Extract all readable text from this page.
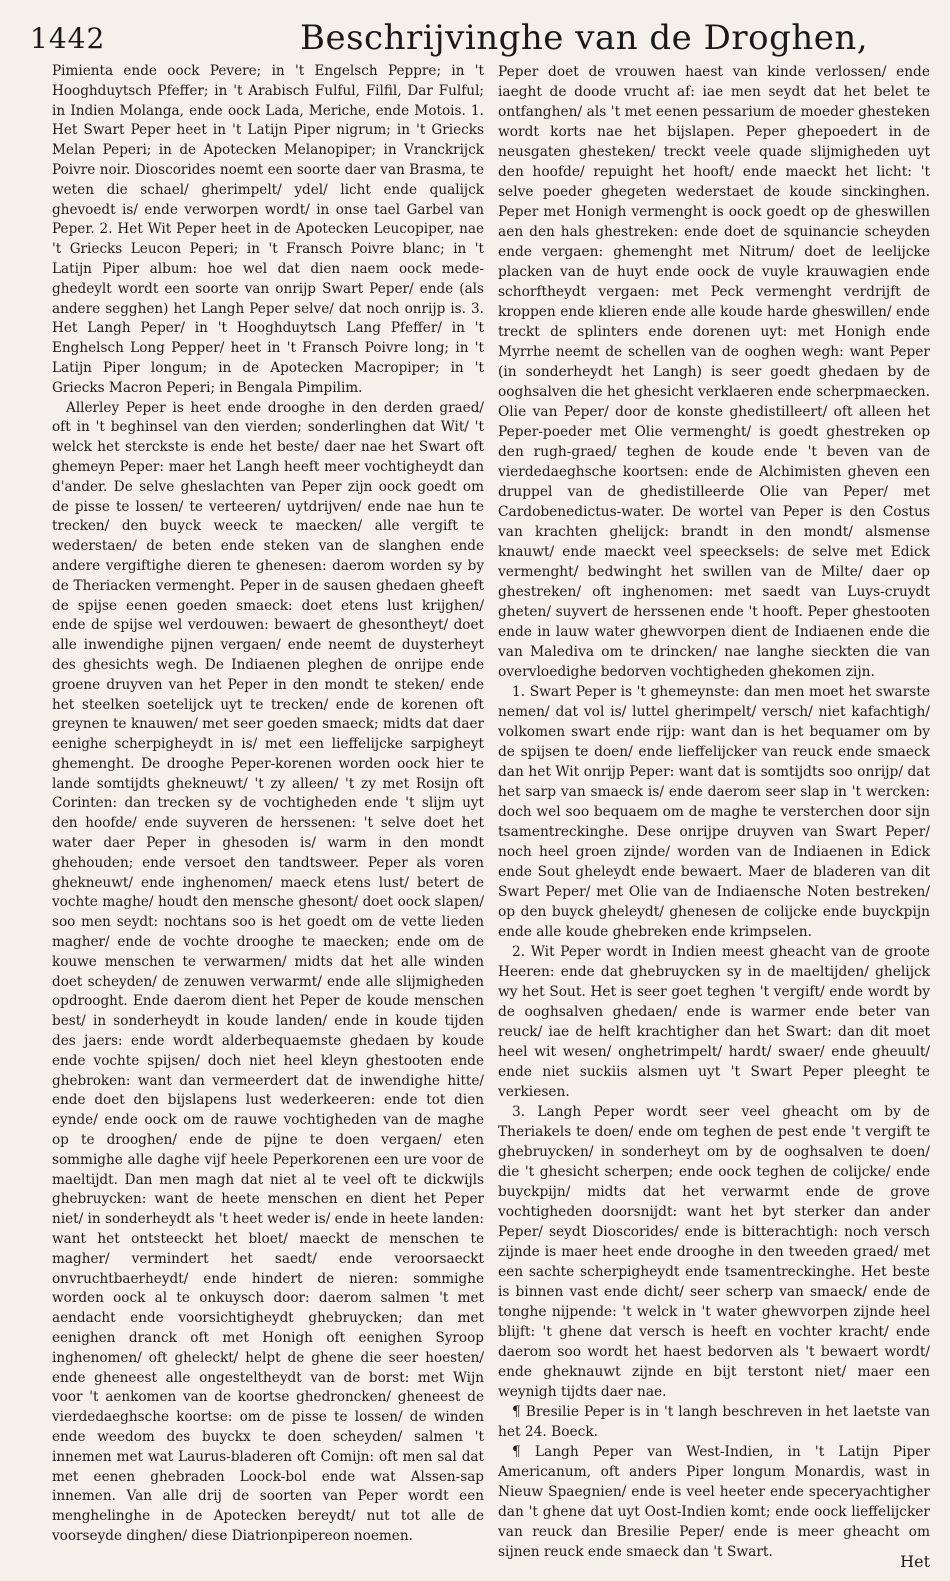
1442	Beschrijvinghe van de Droghen,

Pimienta ende oock Pevere; in 't Engelsch Peppre; in 't Hooghduytsch Pfeffer; in 't Arabisch Fulful, Filfil, Dar Fulful; in Indien Molanga, ende oock Lada, Meriche, ende Motois. 1. Het Swart Peper heet in 't Latijn Piper nigrum; in 't Griecks Melan Peperi; in de Apotecken Melanopiper; in Vranckrijck Poivre noir. Dioscorides noemt een soorte daer van Brasma, te weten die schael/ gherimpelt/ ydel/ licht ende qualijck ghevoedt is/ ende verworpen wordt/ in onse tael Garbel van Peper. 2. Het Wit Peper heet in de Apotecken Leucopiper, nae 't Griecks Leucon Peperi; in 't Fransch Poivre blanc; in 't Latijn Piper album: hoe wel dat dien naem oock mede-ghedeylt wordt een soorte van onrijp Swart Peper/ ende (als andere segghen) het Langh Peper selve/ dat noch onrijp is. 3. Het Langh Peper/ in 't Hooghduytsch Lang Pfeffer/ in 't Enghelsch Long Pepper/ heet in 't Fransch Poivre long; in 't Latijn Piper longum; in de Apotecken Macropiper; in 't Griecks Macron Peperi; in Bengala Pimpilim.

Allerley Peper is heet ende drooghe in den derden graed/ oft in 't beghinsel van den vierden; sonderlinghen dat Wit/ 't welck het sterckste is ende het beste/ daer nae het Swart oft ghemeyn Peper: maer het Langh heeft meer vochtigheydt dan d'ander. De selve gheslachten van Peper zijn oock goedt om de pisse te lossen/ te verteeren/ uytdrijven/ ende nae hun te trecken/ den buyck weeck te maecken/ alle vergift te wederstaen/ de beten ende steken van de slanghen ende andere vergiftighe dieren te ghenesen: daerom worden sy by de Theriacken vermenght. Peper in de sausen ghedaen gheeft de spijse eenen goeden smaeck: doet etens lust krijghen/ ende de spijse wel verdouwen: bewaert de ghesontheyt/ doet alle inwendighe pijnen vergaen/ ende neemt de duysterheyt des ghesichts wegh. De Indiaenen pleghen de onrijpe ende groene druyven van het Peper in den mondt te steken/ ende het steelken soetelijck uyt te trecken/ ende de korenen oft greynen te knauwen/ met seer goeden smaeck; midts dat daer eenighe scherpigheydt in is/ met een lieffelijcke sarpigheyt ghemenght. De drooghe Peper-korenen worden oock hier te lande somtijdts ghekneuwt/ 't zy alleen/ 't zy met Rosijn oft Corinten: dan trecken sy de vochtigheden ende 't slijm uyt den hoofde/ ende suyveren de herssenen: 't selve doet het water daer Peper in ghesoden is/ warm in den mondt ghehouden; ende versoet den tandtsweer. Peper als voren ghekneuwt/ ende inghenomen/ maeck etens lust/ betert de vochte maghe/ houdt den mensche ghesont/ doet oock slapen/ soo men seydt: nochtans soo is het goedt om de vette lieden magher/ ende de vochte drooghe te maecken; ende om de kouwe menschen te verwarmen/ midts dat het alle winden doet scheyden/ de zenuwen verwarmt/ ende alle slijmigheden opdrooght. Ende daerom dient het Peper de koude menschen best/ in sonderheydt in koude landen/ ende in koude tijden des jaers: ende wordt alderbequaemste ghedaen by koude ende vochte spijsen/ doch niet heel kleyn ghestooten ende ghebroken: want dan vermeerdert dat de inwendighe hitte/ ende doet den bijslapens lust wederkeeren: ende tot dien eynde/ ende oock om de rauwe vochtigheden van de maghe op te drooghen/ ende de pijne te doen vergaen/ eten sommighe alle daghe vijf heele Peperkorenen een ure voor de maeltijdt. Dan men magh dat niet al te veel oft te dickwijls ghebruycken: want de heete menschen en dient het Peper niet/ in sonderheydt als 't heet weder is/ ende in heete landen: want het ontsteeckt het bloet/ maeckt de menschen te magher/ vermindert het saedt/ ende veroorsaeckt onvruchtbaerheydt/ ende hindert de nieren: sommighe worden oock al te onkuysch door: daerom salmen 't met aendacht ende voorsichtigheydt ghebruycken; dan met eenighen dranck oft met Honigh oft eenighen Syroop inghenomen/ oft gheleckt/ helpt de ghene die seer hoesten/ ende gheneest alle ongesteltheydt van de borst: met Wijn voor 't aenkomen van de koortse ghedroncken/ gheneest de vierdedaeghsche koortse: om de pisse te lossen/ de winden ende weedom des buyckx te doen scheyden/ salmen 't innemen met wat Laurus-bladeren oft Comijn: oft men sal dat met eenen ghebraden Loock-bol ende wat Alssen-sap innemen. Van alle drij de soorten van Peper wordt een menghelinghe in de Apotecken bereydt/ nut tot alle de voorseyde dinghen/ diese Diatrionpipereon noemen.

Peper doet de vrouwen haest van kinde verlossen/ ende iaeght de doode vrucht af: iae men seydt dat het belet te ontfanghen/ als 't met eenen pessarium de moeder ghesteken wordt korts nae het bijslapen. Peper ghepoedert in de neusgaten ghesteken/ treckt veele quade slijmigheden uyt den hoofde/ repuight het hooft/ ende maeckt het licht: 't selve poeder ghegeten wederstaet de koude sinckinghen. Peper met Honigh vermenght is oock goedt op de gheswillen aen den hals ghestreken: ende doet de squinancie scheyden ende vergaen: ghemenght met Nitrum/ doet de leelijcke placken van de huyt ende oock de vuyle krauwagien ende schorftheydt vergaen: met Peck vermenght verdrijft de kroppen ende klieren ende alle koude harde gheswillen/ ende treckt de splinters ende dorenen uyt: met Honigh ende Myrrhe neemt de schellen van de ooghen wegh: want Peper (in sonderheydt het Langh) is seer goedt ghedaen by de ooghsalven die het ghesicht verklaeren ende scherpmaecken. Olie van Peper/ door de konste ghedistilleert/ oft alleen het Peper-poeder met Olie vermenght/ is goedt ghestreken op den rugh-graed/ teghen de koude ende 't beven van de vierdedaeghsche koortsen: ende de Alchimisten gheven een druppel van de ghedistilleerde Olie van Peper/ met Cardobenedictus-water. De wortel van Peper is den Costus van krachten ghelijck: brandt in den mondt/ alsmense knauwt/ ende maeckt veel speecksels: de selve met Edick vermenght/ bedwinght het swillen van de Milte/ daer op ghestreken/ oft inghenomen: met saedt van Luys-cruydt gheten/ suyvert de herssenen ende 't hooft. Peper ghestooten ende in lauw water ghewvorpen dient de Indiaenen ende die van Malediva om te drincken/ nae langhe sieckten die van overvloedighe bedorven vochtigheden ghekomen zijn.

1. Swart Peper is 't ghemeynste: dan men moet het swarste nemen/ dat vol is/ luttel gherimpelt/ versch/ niet kafachtigh/ volkomen swart ende rijp: want dan is het bequamer om by de spijsen te doen/ ende lieffelijcker van reuck ende smaeck dan het Wit onrijp Peper: want dat is somtijdts soo onrijp/ dat het sarp van smaeck is/ ende daerom seer slap in 't wercken: doch wel soo bequaem om de maghe te versterchen door sijn tsamentreckinghe. Dese onrijpe druyven van Swart Peper/ noch heel groen zijnde/ worden van de Indiaenen in Edick ende Sout gheleydt ende bewaert. Maer de bladeren van dit Swart Peper/ met Olie van de Indiaensche Noten bestreken/ op den buyck gheleydt/ ghenesen de colijcke ende buyckpijn ende alle koude ghebreken ende krimpselen.

2. Wit Peper wordt in Indien meest gheacht van de groote Heeren: ende dat ghebruycken sy in de maeltijden/ ghelijck wy het Sout. Het is seer goet teghen 't vergift/ ende wordt by de ooghsalven ghedaen/ ende is warmer ende beter van reuck/ iae de helft krachtigher dan het Swart: dan dit moet heel wit wesen/ onghetrimpelt/ hardt/ swaer/ ende gheuult/ ende niet suckiis alsmen uyt 't Swart Peper pleeght te verkiesen.

3. Langh Peper wordt seer veel gheacht om by de Theriakels te doen/ ende om teghen de pest ende 't vergift te ghebruycken/ in sonderheyt om by de ooghsalven te doen/ die 't ghesicht scherpen; ende oock teghen de colijcke/ ende buyckpijn/ midts dat het verwarmt ende de grove vochtigheden doorsnijdt: want het byt sterker dan ander Peper/ seydt Dioscorides/ ende is bitterachtigh: noch versch zijnde is maer heet ende drooghe in den tweeden graed/ met een sachte scherpigheydt ende tsamentreckinghe. Het beste is binnen vast ende dicht/ seer scherp van smaeck/ ende de tonghe nijpende: 't welck in 't water ghewvorpen zijnde heel blijft: 't ghene dat versch is heeft en vochter kracht/ ende daerom soo wordt het haest bedorven als 't bewaert wordt/ ende gheknauwt zijnde en bijt terstont niet/ maer een weynigh tijdts daer nae.

¶ Bresilie Peper is in 't langh beschreven in het laetste van het 24. Boeck.

¶ Langh Peper van West-Indien, in 't Latijn Piper Americanum, oft anders Piper longum Monardis, wast in Nieuw Spaegnien/ ende is veel heeter ende speceryachtigher dan 't ghene dat uyt Oost-Indien komt; ende oock lieffelijcker van reuck dan Bresilie Peper/ ende is meer gheacht om sijnen reuck ende smaeck dan 't Swart.	Het
